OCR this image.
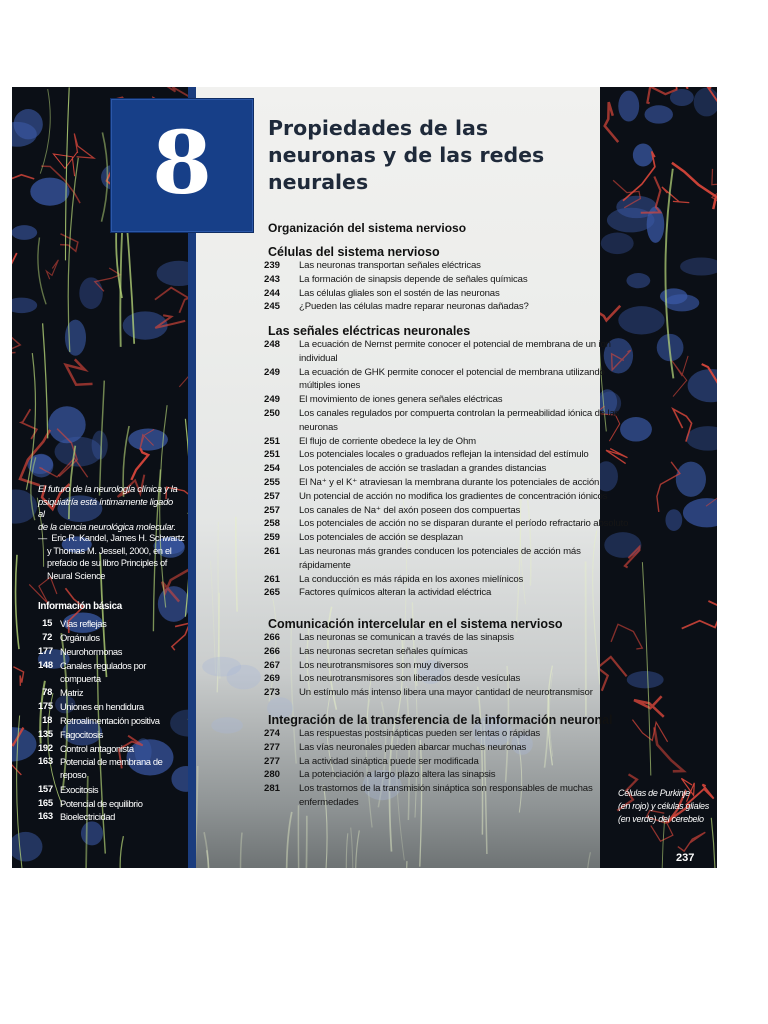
8	Propiedades de las
neuronas y de las redes
neurales
Organización del sistema nervioso
Células del sistema nervioso
239 Las neuronas transportan señales eléctricas
243 La formación de sinapsis depende de señales químicas
244 Las células gliales son el sostén de las neuronas
245 ¿Pueden las células madre reparar neuronas dañadas?
Las señales eléctricas neuronales
248 La ecuación de Nernst permite conocer el potencial de membrana de un ion
individual
249 La ecuación de GHK permite conocer el potencial de membrana utilizando
múltiples iones
249 El movimiento de iones genera señales eléctricas
250 Los canales regulados por compuerta controlan la permeabilidad iónica de las
neuronas
251 El flujo de corriente obedece la ley de Ohm
251 Los potenciales locales o graduados reflejan la intensidad del estímulo
254 Los potenciales de acción se trasladan a grandes distancias
255 El Na⁺ y el K⁺ atraviesan la membrana durante los potenciales de acción
257 Un potencial de acción no modifica los gradientes de concentración iónicos
257 Los canales de Na⁺ del axón poseen dos compuertas
258 Los potenciales de acción no se disparan durante el período refractario absoluto
259 Los potenciales de acción se desplazan
261 Las neuronas más grandes conducen los potenciales de acción más
rápidamente
261 La conducción es más rápida en los axones mielínicos
265 Factores químicos alteran la actividad eléctrica
Comunicación intercelular en el sistema nervioso
266 Las neuronas se comunican a través de las sinapsis
266 Las neuronas secretan señales químicas
267 Los neurotransmisores son muy diversos
269 Los neurotransmisores son liberados desde vesículas
273 Un estímulo más intenso libera una mayor cantidad de neurotransmisor
Integración de la transferencia de la información neuronal
274 Las respuestas postsinápticas pueden ser lentas o rápidas
277 Las vías neuronales pueden abarcar muchas neuronas
277 La actividad sináptica puede ser modificada
280 La potenciación a largo plazo altera las sinapsis
281 Los trastornos de la transmisión sináptica son responsables de muchas
enfermedades
El futuro de la neurología clínica y la
psiquiatría está íntimamente ligado al
de la ciencia neurológica molecular.
—  Eric R. Kandel, James H. Schwartz
y Thomas M. Jessell, 2000, en el
prefacio de su libro Principles of
Neural Science
Información básica
15 Vías reflejas
72 Orgánulos
177 Neurohormonas
148 Canales regulados por
compuerta
78 Matriz
175 Uniones en hendidura
18 Retroalimentación positiva
135 Fagocitosis
192 Control antagonista
163 Potencial de membrana de
reposo
157 Exocitosis
165 Potencial de equilibrio
163 Bioelectricidad
Células de Purkinje
(en rojo) y células gliales
(en verde) del cerebelo
237
